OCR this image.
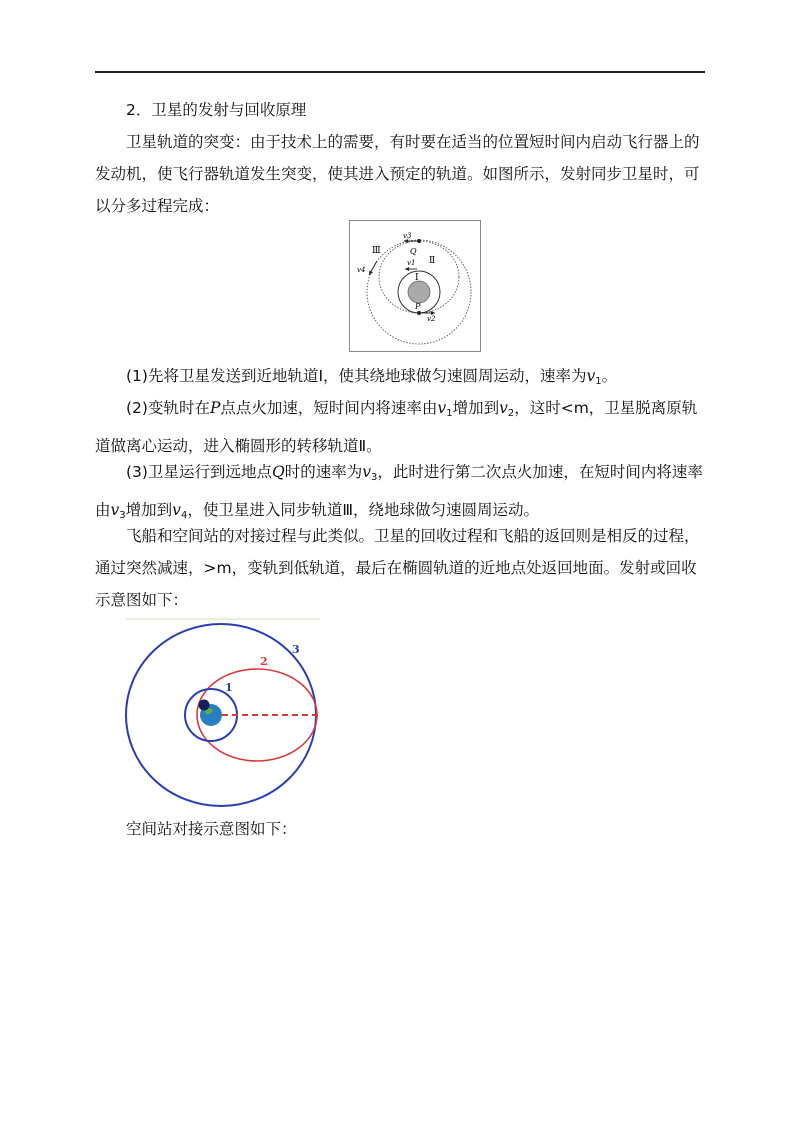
2．卫星的发射与回收原理

卫星轨道的突变：由于技术上的需要，有时要在适当的位置短时间内启动飞行器上的发动机，使飞行器轨道发生突变，使其进入预定的轨道。如图所示，发射同步卫星时，可以分多过程完成：

Ⅲ
Ⅱ
Ⅰ
Q
P
v3
v1
v2
v4

(1)先将卫星发送到近地轨道Ⅰ，使其绕地球做匀速圆周运动，速率为$v_1$。

(2)变轨时在P点点火加速，短时间内将速率由$v_1$增加到$v_2$，这时<m，卫星脱离原轨道做离心运动，进入椭圆形的转移轨道Ⅱ。

(3)卫星运行到远地点Q时的速率为$v_3$，此时进行第二次点火加速，在短时间内将速率由$v_3$增加到$v_4$，使卫星进入同步轨道Ⅲ，绕地球做匀速圆周运动。

飞船和空间站的对接过程与此类似。卫星的回收过程和飞船的返回则是相反的过程，通过突然减速，>m，变轨到低轨道，最后在椭圆轨道的近地点处返回地面。发射或回收示意图如下：

1
2
3

空间站对接示意图如下：
